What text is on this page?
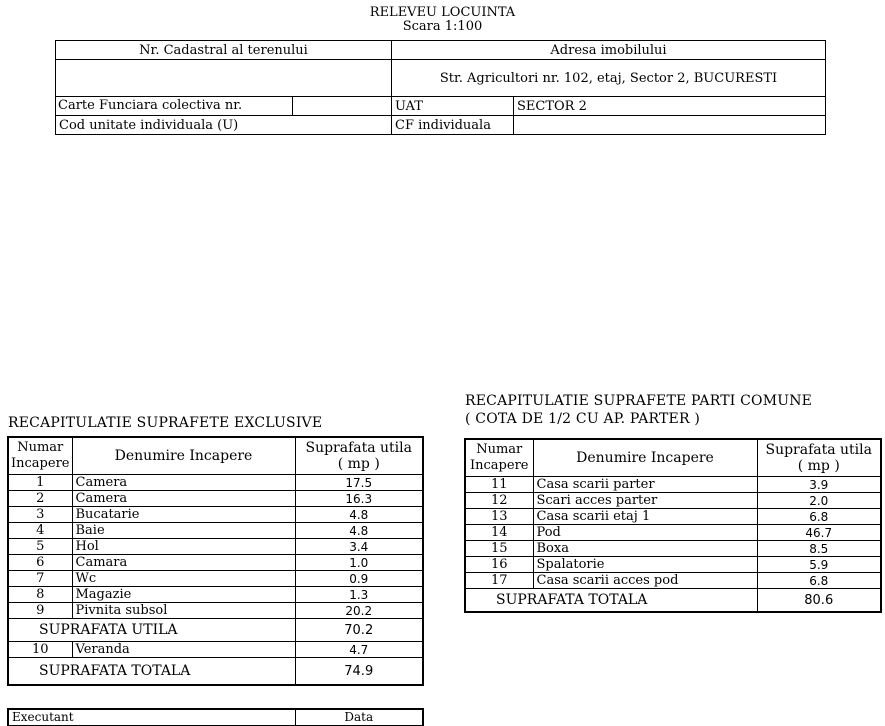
RELEVEU LOCUINTA
Scara 1:100
Nr. Cadastral al terenului	Adresa imobilului	
	Str. Agricultori nr. 102, etaj, Sector 2, BUCURESTI	

Carte Funciara colectiva nr.	UAT	SECTOR 2
Cod unitate individuala (U)	CF individuala	
RECAPITULATIE SUPRAFETE EXCLUSIVE
Numar Incapere	Denumire Incapere	Suprafata utila
( mp )

1	Camera	17.5
2	Camera	16.3
3	Bucatarie	4.8
4	Baie	4.8
5	Hol	3.4
6	Camara	1.0
7	Wc	0.9
8	Magazie	1.3
9	Pivnita subsol	20.2
SUPRAFATA UTILA		70.2
10	Veranda	4.7
SUPRAFATA TOTALA		74.9
Executant	Data
RECAPITULATIE SUPRAFETE PARTI COMUNE
( COTA DE 1/2 CU AP. PARTER )
Numar Incapere	Denumire Incapere	Suprafata utila
( mp )

11	Casa scarii parter	3.9
12	Scari acces parter	2.0
13	Casa scarii etaj 1	6.8
14	Pod	46.7
15	Boxa	8.5
16	Spalatorie	5.9
17	Casa scarii acces pod	6.8
SUPRAFATA TOTALA		80.6
